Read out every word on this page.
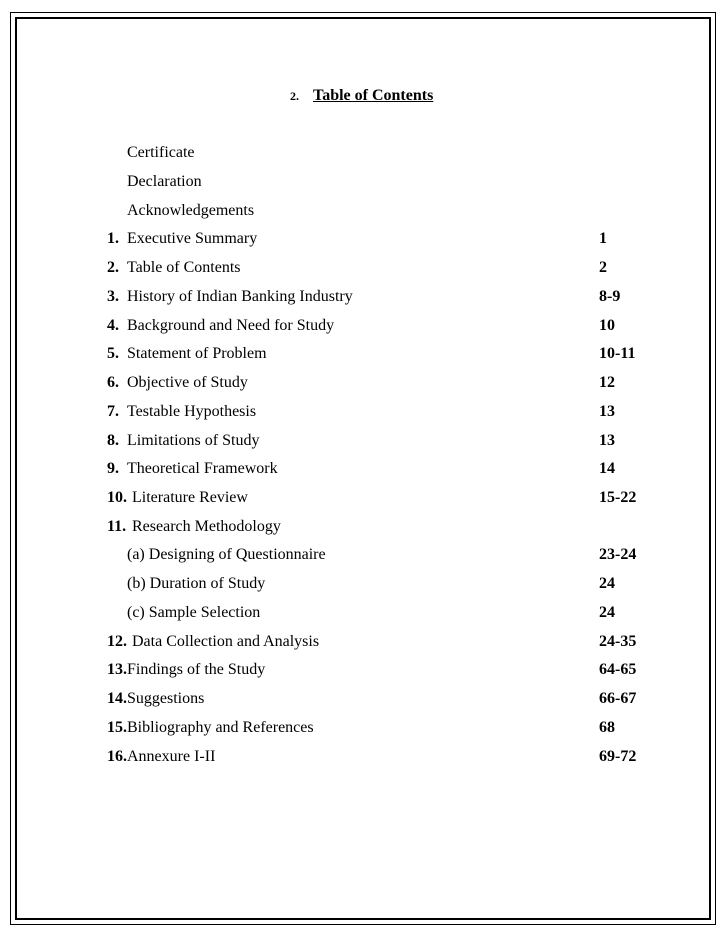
2. Table of Contents
Certificate
Declaration
Acknowledgements
1. Executive Summary	1
2. Table of Contents	2
3. History of Indian Banking Industry	8-9
4. Background and Need for Study	10
5. Statement of Problem	10-11
6. Objective of Study	12
7. Testable Hypothesis	13
8. Limitations of Study	13
9. Theoretical Framework	14
10. Literature Review	15-22
11. Research Methodology
(a) Designing of Questionnaire	23-24
(b) Duration of Study	24
(c) Sample Selection	24
12. Data Collection and Analysis	24-35
13. Findings of the Study	64-65
14. Suggestions	66-67
15. Bibliography and References	68
16. Annexure I-II	69-72
